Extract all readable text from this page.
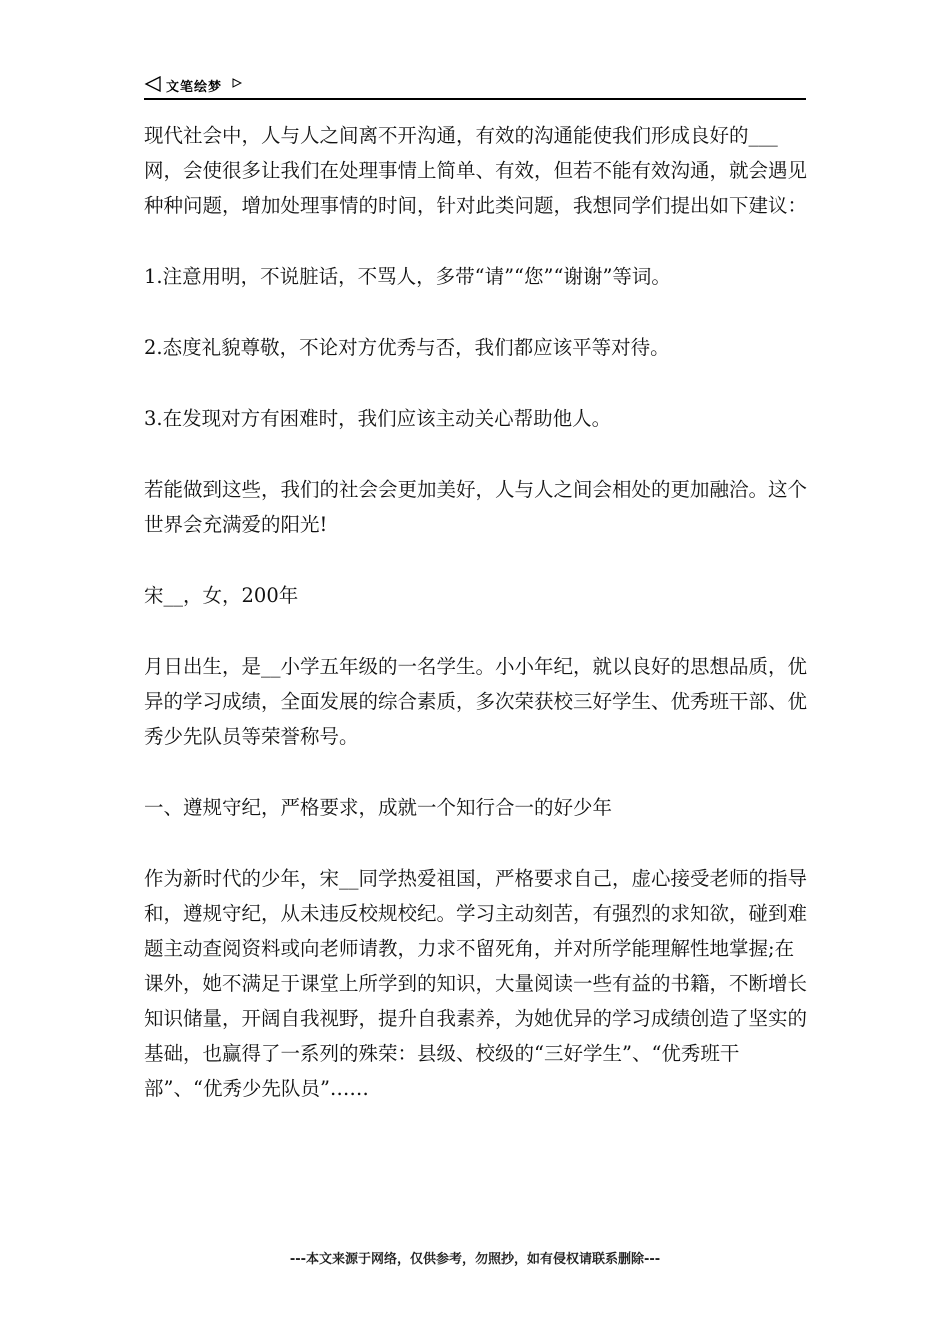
文笔绘梦

现代社会中，人与人之间离不开沟通，有效的沟通能使我们形成良好的___网，会使很多让我们在处理事情上简单、有效，但若不能有效沟通，就会遇见种种问题，增加处理事情的时间，针对此类问题，我想同学们提出如下建议：

1.注意用明，不说脏话，不骂人，多带“请”“您”“谢谢”等词。

2.态度礼貌尊敬，不论对方优秀与否，我们都应该平等对待。

3.在发现对方有困难时，我们应该主动关心帮助他人。

若能做到这些，我们的社会会更加美好，人与人之间会相处的更加融洽。这个世界会充满爱的阳光!

宋__，女，200年

月日出生，是__小学五年级的一名学生。小小年纪，就以良好的思想品质，优异的学习成绩，全面发展的综合素质，多次荣获校三好学生、优秀班干部、优秀少先队员等荣誉称号。

一、遵规守纪，严格要求，成就一个知行合一的好少年

作为新时代的少年，宋__同学热爱祖国，严格要求自己，虚心接受老师的指导和，遵规守纪，从未违反校规校纪。学习主动刻苦，有强烈的求知欲，碰到难题主动查阅资料或向老师请教，力求不留死角，并对所学能理解性地掌握;在课外，她不满足于课堂上所学到的知识，大量阅读一些有益的书籍，不断增长知识储量，开阔自我视野，提升自我素养，为她优异的学习成绩创造了坚实的基础，也赢得了一系列的殊荣：县级、校级的“三好学生”、“优秀班干部”、“优秀少先队员”……

---本文来源于网络，仅供参考，勿照抄，如有侵权请联系删除---
